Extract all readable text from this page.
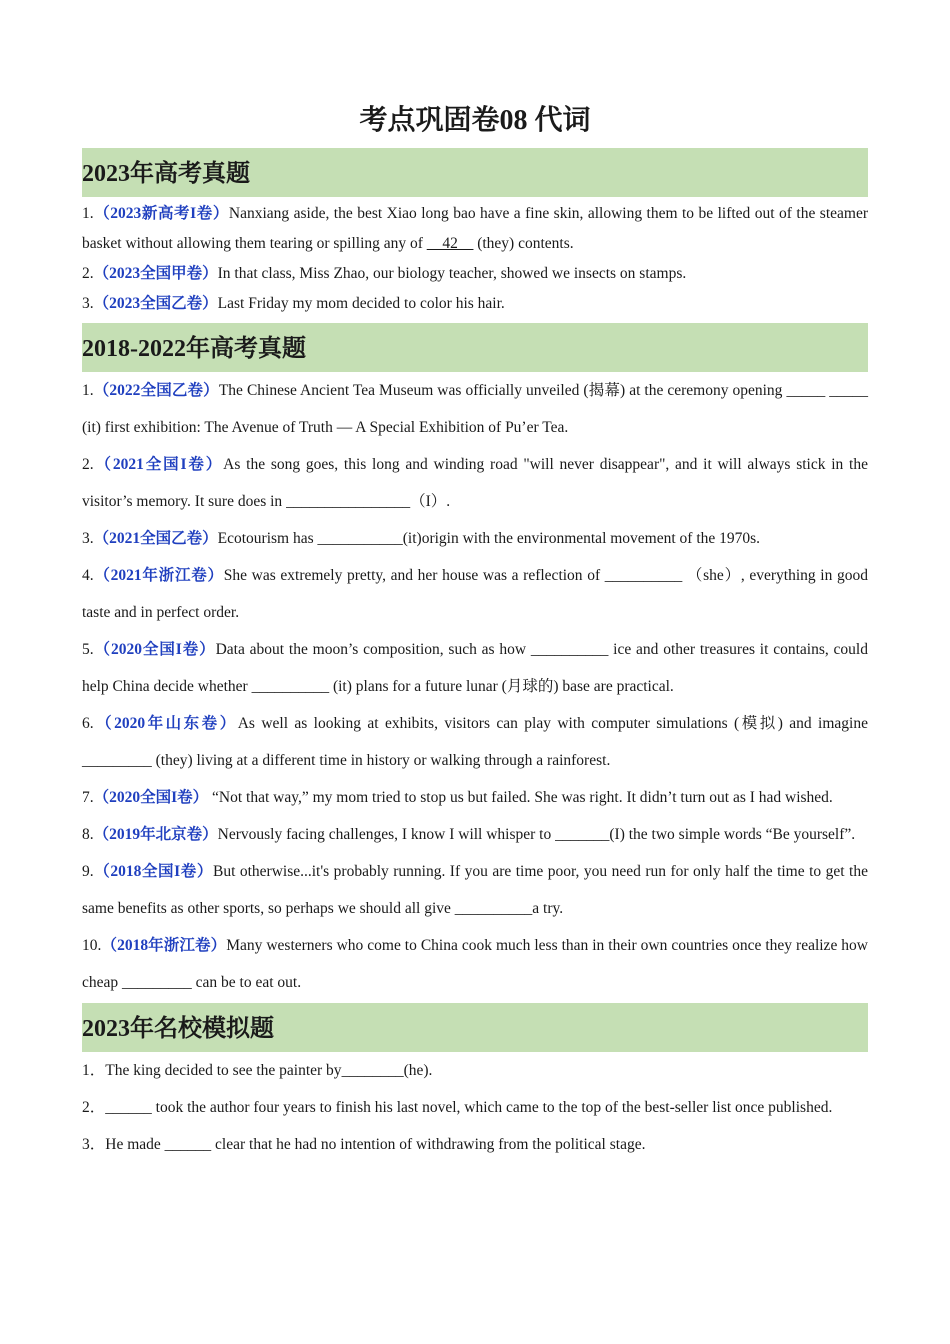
考点巩固卷08 代词
2023年高考真题

1.（2023新高考I卷）Nanxiang aside, the best Xiao long bao have a fine skin, allowing them to be lifted out of the steamer basket without allowing them tearing or spilling any of __42__ (they) contents.

2.（2023全国甲卷）In that class, Miss Zhao, our biology teacher, showed we insects on stamps.

3.（2023全国乙卷）Last Friday my mom decided to color his hair.

2018-2022年高考真题

1.（2022全国乙卷）The Chinese Ancient Tea Museum was officially unveiled (揭幕) at the ceremony opening _____ _____ (it) first exhibition: The Avenue of Truth — A Special Exhibition of Pu’er Tea.

2.（2021全国I卷）As the song goes, this long and winding road "will never disappear", and it will always stick in the visitor’s memory. It sure does in ________________（I）.

3.（2021全国乙卷）Ecotourism has ___________(it)origin with the environmental movement of the 1970s.

4.（2021年浙江卷）She was extremely pretty, and her house was a reflection of __________ （she）, everything in good taste and in perfect order.

5.（2020全国I卷）Data about the moon’s composition, such as how __________ ice and other treasures it contains, could help China decide whether __________ (it) plans for a future lunar (月球的) base are practical.

6.（2020年山东卷）As well as looking at exhibits, visitors can play with computer simulations (模拟) and imagine _________ (they) living at a different time in history or walking through a rainforest.

7.（2020全国I卷） “Not that way,” my mom tried to stop us but failed. She was right. It didn’t turn out as I had wished.

8.（2019年北京卷）Nervously facing challenges, I know I will whisper to _______(I) the two simple words “Be yourself”.

9.（2018全国I卷）But otherwise...it's probably running. If you are time poor, you need run for only half the time to get the same benefits as other sports, so perhaps we should all give __________a try.

10.（2018年浙江卷）Many westerners who come to China cook much less than in their own countries once they realize how cheap _________ can be to eat out.

2023年名校模拟题

1．The king decided to see the painter by________(he).

2．______ took the author four years to finish his last novel, which came to the top of the best-seller list once published.

3．He made ______ clear that he had no intention of withdrawing from the political stage.
